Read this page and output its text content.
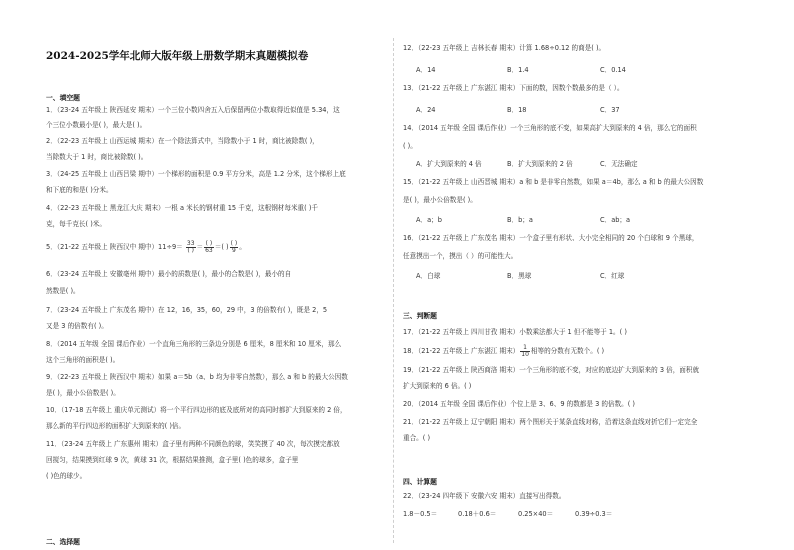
2024-2025学年北师大版年级上册数学期末真题模拟卷
一、填空题
1．（23-24 五年级上 陕西延安 期末）一个三位小数四舍五入后保留两位小数取得近似值是 5.34，这
个三位小数最小是( )，最大是( )。
2．（22-23 五年级上 山西运城 期末）在一个除法算式中，当除数小于 1 时，商比被除数( )，
当除数大于 1 时，商比被除数( )。
3．（24-25 五年级上 山西吕梁 期中）一个梯形的面积是 0.9 平方分米，高是 1.2 分米，这个梯形上底
和下底的和是( )分米。
4．（22-23 五年级上 黑龙江大庆 期末）一根 a 米长的钢材重 15 千克，这根钢材每米重( )千
克，每千克长( )米。
5．（21-22 五年级上 陕西汉中 期中）$11\div 9= \frac{33}{( )} = \frac{( )}{63}$ ＝( ) $\frac{( )}{9}$ 。
6．（23-24 五年级上 安徽亳州 期中）最小的质数是( )，最小的合数是( )，最小的自
然数是( )。
7．（23-24 五年级上 广东茂名 期中）在 12，16，35，60，29 中，3 的倍数有( )，既是 2，5
又是 3 的倍数有( )。
8．（2014 五年级 全国 课后作业）一个直角三角形的三条边分别是 6 厘米，8 厘米和 10 厘米，那么
这个三角形的面积是( )。
9．（22-23 五年级上 陕西汉中 期末）如果 a＝5b（a、b 均为非零自然数），那么 a 和 b 的最大公因数
是( )，最小公倍数是( )。
10．（17-18 五年级上 重庆单元测试）将一个平行四边形的底及底所对的高同时都扩大到原来的 2 倍，
那么新的平行四边形的面积扩大到原来的( )倍。
11．（23-24 五年级上 广东惠州 期末）盒子里有两种不同颜色的球，笑笑摸了 40 次，每次摸完都放
回搅匀，结果摸到红球 9 次，黄球 31 次，根据结果推测，盒子里( )色的球多，盒子里
( )色的球少。
二、选择题
12．（22-23 五年级上 吉林长春 期末）计算 1.68÷0.12 的商是( )。
A．14	B．1.4	C．0.14
13．（21-22 五年级上 广东湛江 期末）下面的数，因数个数最多的是（ ）。
A．24	B．18	C．37
14．（2014 五年级 全国 课后作业）一个三角形的底不变，如果高扩大到原来的 4 倍，那么它的面积
( )。
A．扩大到原来的 4 倍	B．扩大到原来的 2 倍	C．无法确定
15．（21-22 五年级上 山西晋城 期末）a 和 b 是非零自然数，如果 a＝4b，那么 a 和 b 的最大公因数
是( )，最小公倍数是( )。
A．a；b	B．b；a	C．ab；a
16．（21-22 五年级上 广东茂名 期末）一个盒子里有形状、大小完全相同的 20 个白球和 9 个黑球，
任意摸出一个，摸出（ ）的可能性大。
A．白球	B．黑球	C．红球
三、判断题
17．（21-22 五年级上 四川甘孜 期末）小数乘法都大于 1 但不能等于 1。( )
18．（21-22 五年级上 广东湛江 期末） $\frac{1}{10}$ 相等的分数有无数个。( )
19．（21-22 五年级上 陕西商洛 期末）一个三角形的底不变，对应的底边扩大到原来的 3 倍，面积就
扩大到原来的 6 倍。( )
20．（2014 五年级 全国 课后作业）个位上是 3、6、9 的数都是 3 的倍数。( )
21．（21-22 五年级上 辽宁朝阳 期末）两个图形关于某条直线对称，沿着这条直线对折它们一定完全
重合。( )
四、计算题
22．（23-24 四年级下 安徽六安 期末）直接写出得数。
1.8－0.5＝	0.18＋0.6＝	0.25×40＝	0.39÷0.3＝
